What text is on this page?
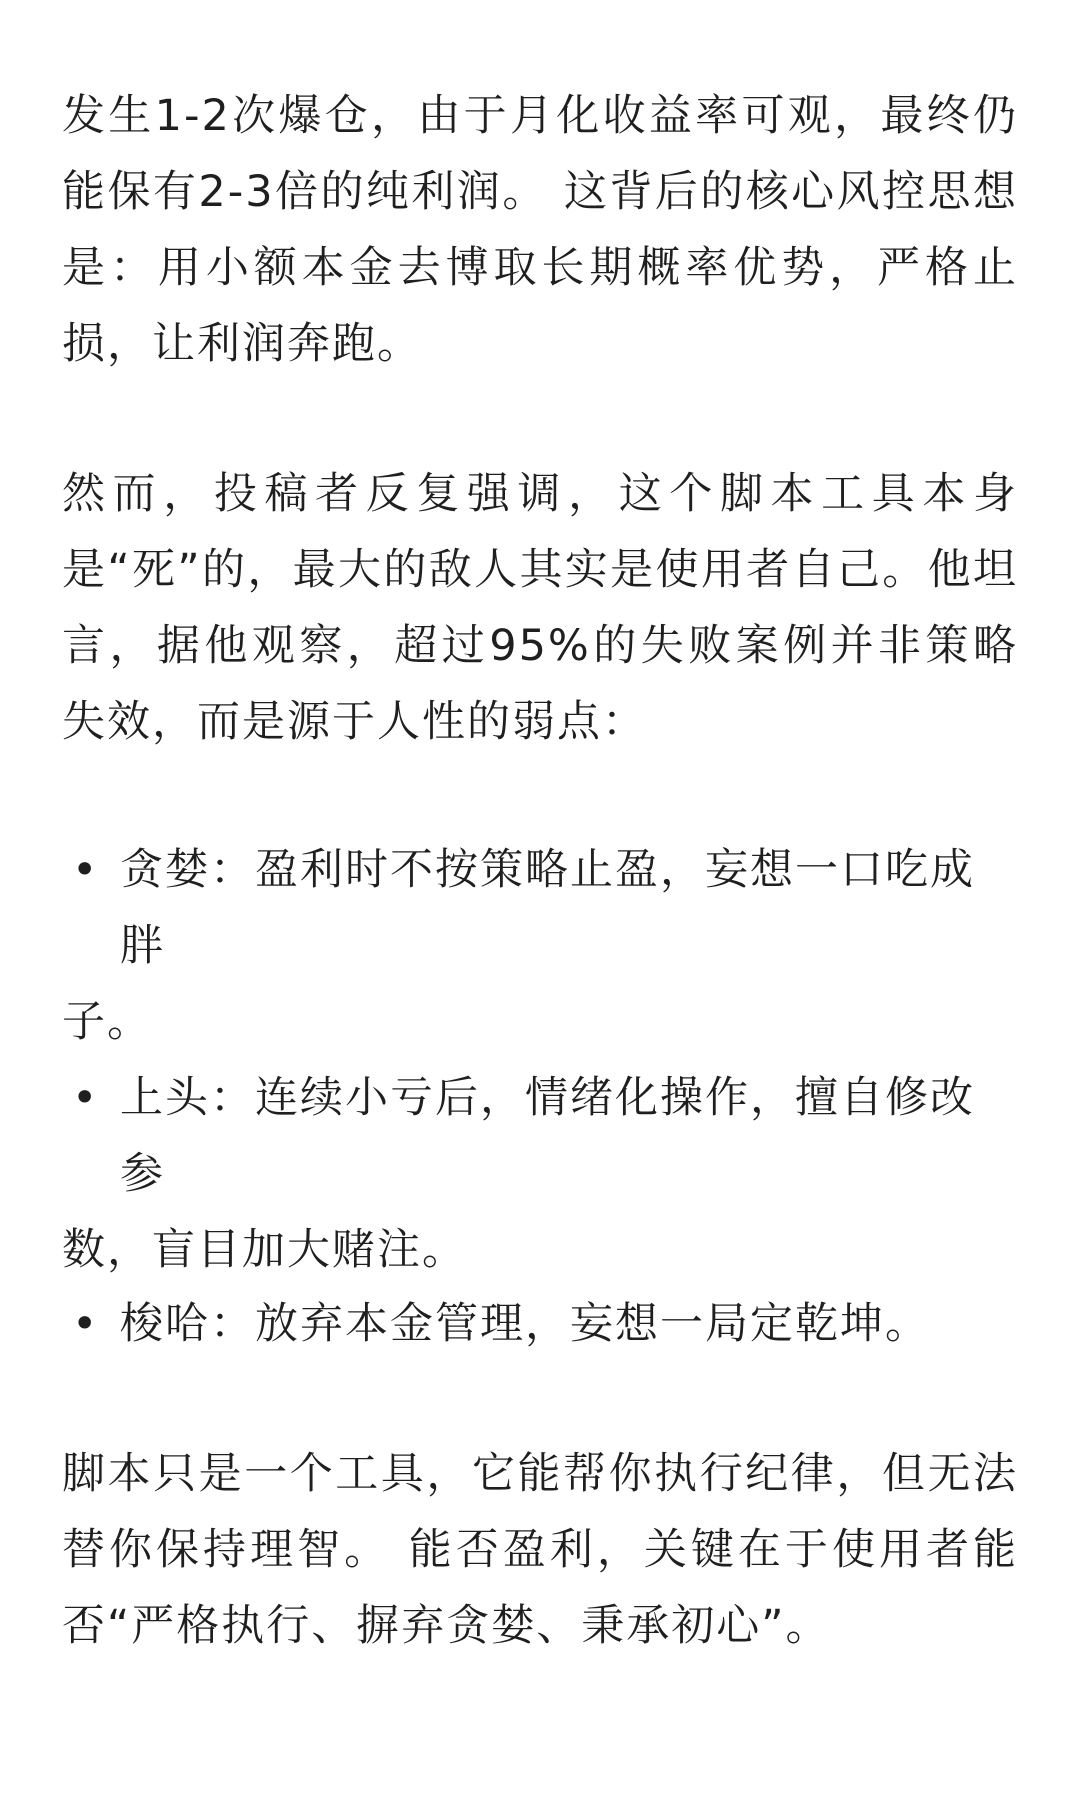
发生1-2次爆仓，由于月化收益率可观，最终仍能保有2-3倍的纯利润。 这背后的核心风控思想是：用小额本金去博取长期概率优势，严格止损，让利润奔跑。

然而，投稿者反复强调，这个脚本工具本身是“死”的，最大的敌人其实是使用者自己。他坦言，据他观察，超过95%的失败案例并非策略失效，而是源于人性的弱点：

• 贪婪：盈利时不按策略止盈，妄想一口吃成胖

子。

• 上头：连续小亏后，情绪化操作，擅自修改参

数，盲目加大赌注。

• 梭哈：放弃本金管理，妄想一局定乾坤。

脚本只是一个工具，它能帮你执行纪律，但无法替你保持理智。 能否盈利，关键在于使用者能否“严格执行、摒弃贪婪、秉承初心”。
